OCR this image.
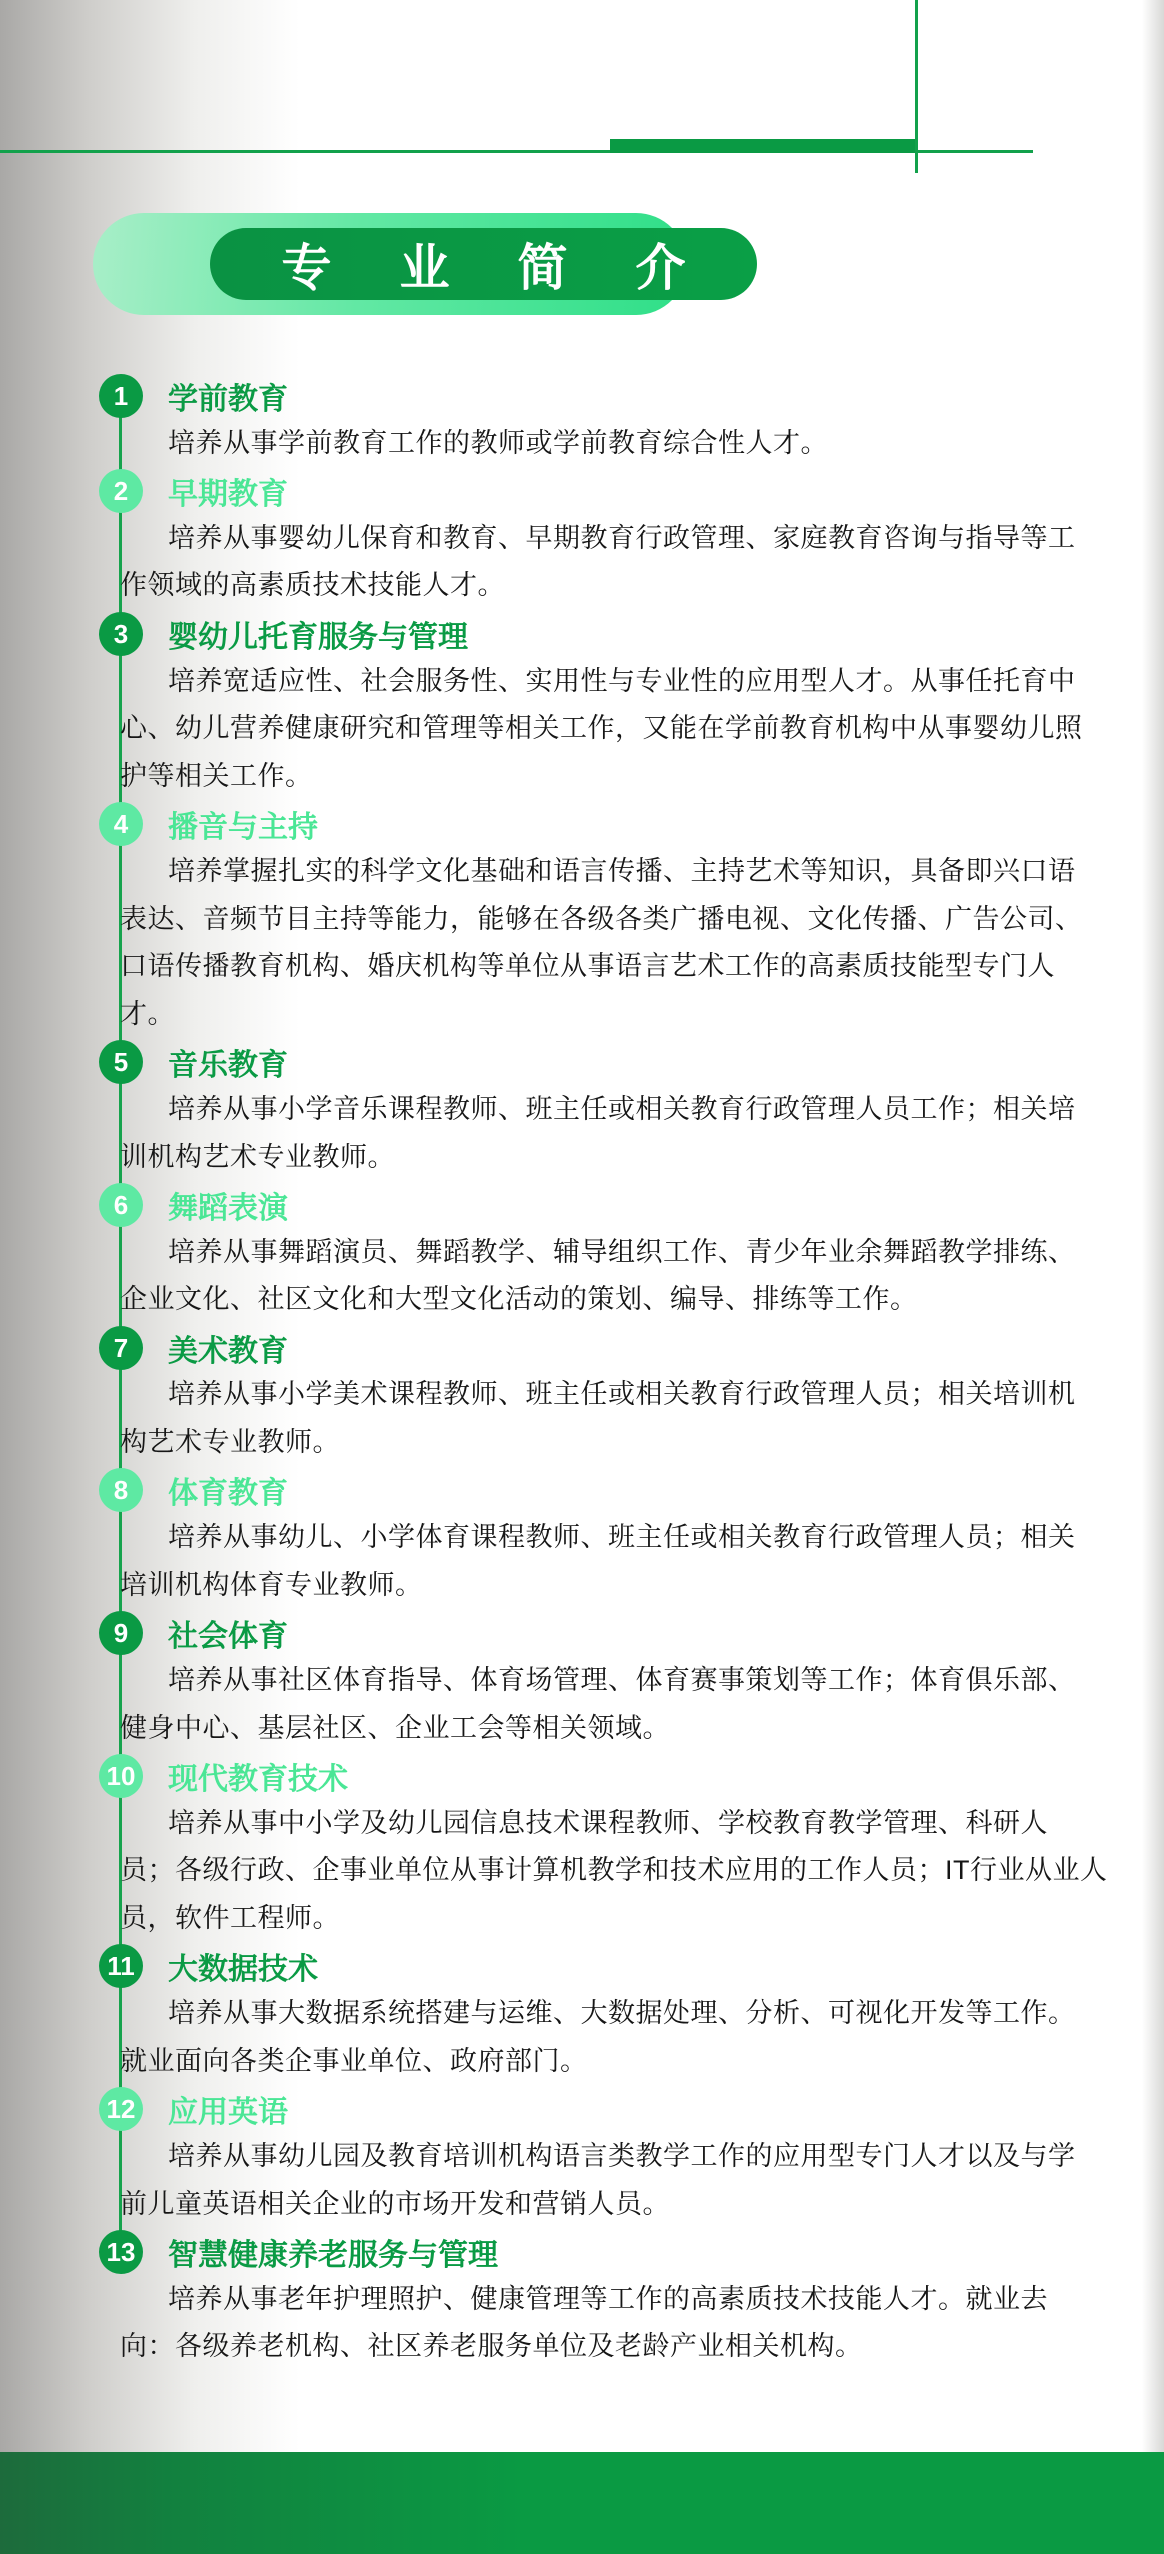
专业简介
1	学前教育
培养从事学前教育工作的教师或学前教育综合性人才。
2	早期教育
培养从事婴幼儿保育和教育、早期教育行政管理、家庭教育咨询与指导等工
作领域的高素质技术技能人才。
3	婴幼儿托育服务与管理
培养宽适应性、社会服务性、实用性与专业性的应用型人才。从事任托育中
心、幼儿营养健康研究和管理等相关工作，又能在学前教育机构中从事婴幼儿照
护等相关工作。
4	播音与主持
培养掌握扎实的科学文化基础和语言传播、主持艺术等知识，具备即兴口语
表达、音频节目主持等能力，能够在各级各类广播电视、文化传播、广告公司、
口语传播教育机构、婚庆机构等单位从事语言艺术工作的高素质技能型专门人
才。
5	音乐教育
培养从事小学音乐课程教师、班主任或相关教育行政管理人员工作；相关培
训机构艺术专业教师。
6	舞蹈表演
培养从事舞蹈演员、舞蹈教学、辅导组织工作、青少年业余舞蹈教学排练、
企业文化、社区文化和大型文化活动的策划、编导、排练等工作。
7	美术教育
培养从事小学美术课程教师、班主任或相关教育行政管理人员；相关培训机
构艺术专业教师。
8	体育教育
培养从事幼儿、小学体育课程教师、班主任或相关教育行政管理人员；相关
培训机构体育专业教师。
9	社会体育
培养从事社区体育指导、体育场管理、体育赛事策划等工作；体育俱乐部、
健身中心、基层社区、企业工会等相关领域。
10 现代教育技术
培养从事中小学及幼儿园信息技术课程教师、学校教育教学管理、科研人
员；各级行政、企事业单位从事计算机教学和技术应用的工作人员；IT行业从业人
员，软件工程师。
11 大数据技术
培养从事大数据系统搭建与运维、大数据处理、分析、可视化开发等工作。
就业面向各类企事业单位、政府部门。
12 应用英语
培养从事幼儿园及教育培训机构语言类教学工作的应用型专门人才以及与学
前儿童英语相关企业的市场开发和营销人员。
13 智慧健康养老服务与管理
培养从事老年护理照护、健康管理等工作的高素质技术技能人才。就业去
向：各级养老机构、社区养老服务单位及老龄产业相关机构。
